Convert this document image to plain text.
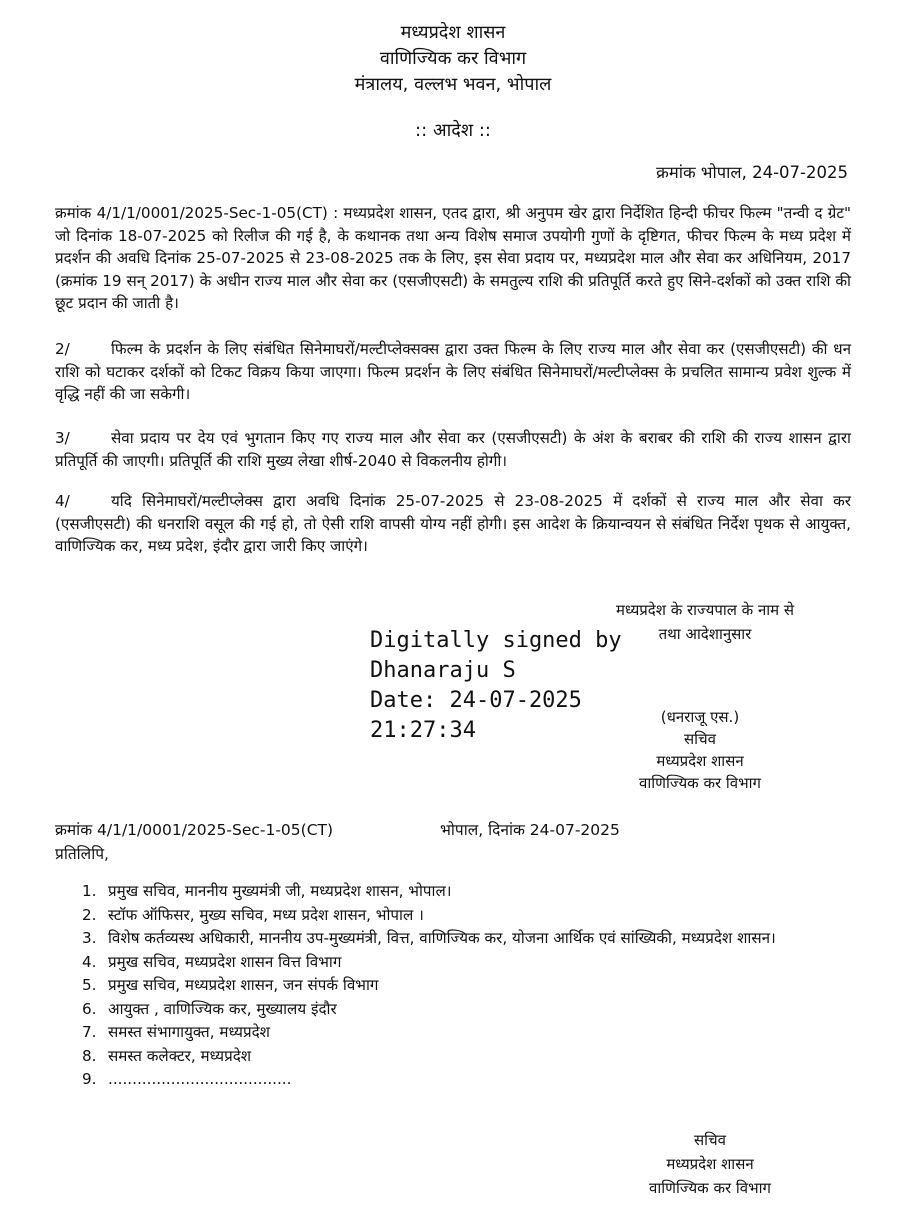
मध्यप्रदेश शासन
वाणिज्यिक कर विभाग
मंत्रालय, वल्लभ भवन, भोपाल
:: आदेश ::
क्रमांक भोपाल, 24-07-2025

क्रमांक 4/1/1/0001/2025-Sec-1-05(CT) : मध्यप्रदेश शासन, एतद द्वारा, श्री अनुपम खेर द्वारा निर्देशित हिन्दी फीचर फिल्म "तन्वी द ग्रेट" जो दिनांक 18-07-2025 को रिलीज की गई है, के कथानक तथा अन्य विशेष समाज उपयोगी गुणों के दृष्टिगत, फीचर फिल्म के मध्य प्रदेश में प्रदर्शन की अवधि दिनांक 25-07-2025 से 23-08-2025 तक के लिए, इस सेवा प्रदाय पर, मध्यप्रदेश माल और सेवा कर अधिनियम, 2017 (क्रमांक 19 सन् 2017) के अधीन राज्य माल और सेवा कर (एसजीएसटी) के समतुल्य राशि की प्रतिपूर्ति करते हुए सिने-दर्शकों को उक्त राशि की छूट प्रदान की जाती है।

2/	फिल्म के प्रदर्शन के लिए संबंधित सिनेमाघरों/मल्टीप्लेक्सक्स द्वारा उक्त फिल्म के लिए राज्य माल और सेवा कर (एसजीएसटी) की धन राशि को घटाकर दर्शकों को टिकट विक्रय किया जाएगा। फिल्म प्रदर्शन के लिए संबंधित सिनेमाघरों/मल्टीप्लेक्स के प्रचलित सामान्य प्रवेश शुल्क में वृद्धि नहीं की जा सकेगी।

3/	सेवा प्रदाय पर देय एवं भुगतान किए गए राज्य माल और सेवा कर (एसजीएसटी) के अंश के बराबर की राशि की राज्य शासन द्वारा प्रतिपूर्ति की जाएगी। प्रतिपूर्ति की राशि मुख्य लेखा शीर्ष-2040 से विकलनीय होगी।

4/	यदि सिनेमाघरों/मल्टीप्लेक्स द्वारा अवधि दिनांक 25-07-2025 से 23-08-2025 में दर्शकों से राज्य माल और सेवा कर (एसजीएसटी) की धनराशि वसूल की गई हो, तो ऐसी राशि वापसी योग्य नहीं होगी। इस आदेश के क्रियान्वयन से संबंधित निर्देश पृथक से आयुक्त, वाणिज्यिक कर, मध्य प्रदेश, इंदौर द्वारा जारी किए जाएंगे।

मध्यप्रदेश के राज्यपाल के नाम से
तथा आदेशानुसार
Digitally signed by
Dhanaraju S
Date: 24-07-2025
21:27:34
(धनराजू एस.)
सचिव
मध्यप्रदेश शासन
वाणिज्यिक कर विभाग
क्रमांक 4/1/1/0001/2025-Sec-1-05(CT)	भोपाल, दिनांक 24-07-2025
प्रतिलिपि,
1. प्रमुख सचिव, माननीय मुख्यमंत्री जी, मध्यप्रदेश शासन, भोपाल।
2. स्टॉफ ऑफिसर, मुख्य सचिव, मध्य प्रदेश शासन, भोपाल ।
3. विशेष कर्तव्यस्थ अधिकारी, माननीय उप-मुख्यमंत्री, वित्त, वाणिज्यिक कर, योजना आर्थिक एवं सांख्यिकी, मध्यप्रदेश शासन।
4. प्रमुख सचिव, मध्यप्रदेश शासन वित्त विभाग
5. प्रमुख सचिव, मध्यप्रदेश शासन, जन संपर्क विभाग
6. आयुक्त , वाणिज्यिक कर, मुख्यालय इंदौर
7. समस्त संभागायुक्त, मध्यप्रदेश
8. समस्त कलेक्टर, मध्यप्रदेश
9. ......................................
सचिव
मध्यप्रदेश शासन
वाणिज्यिक कर विभाग
